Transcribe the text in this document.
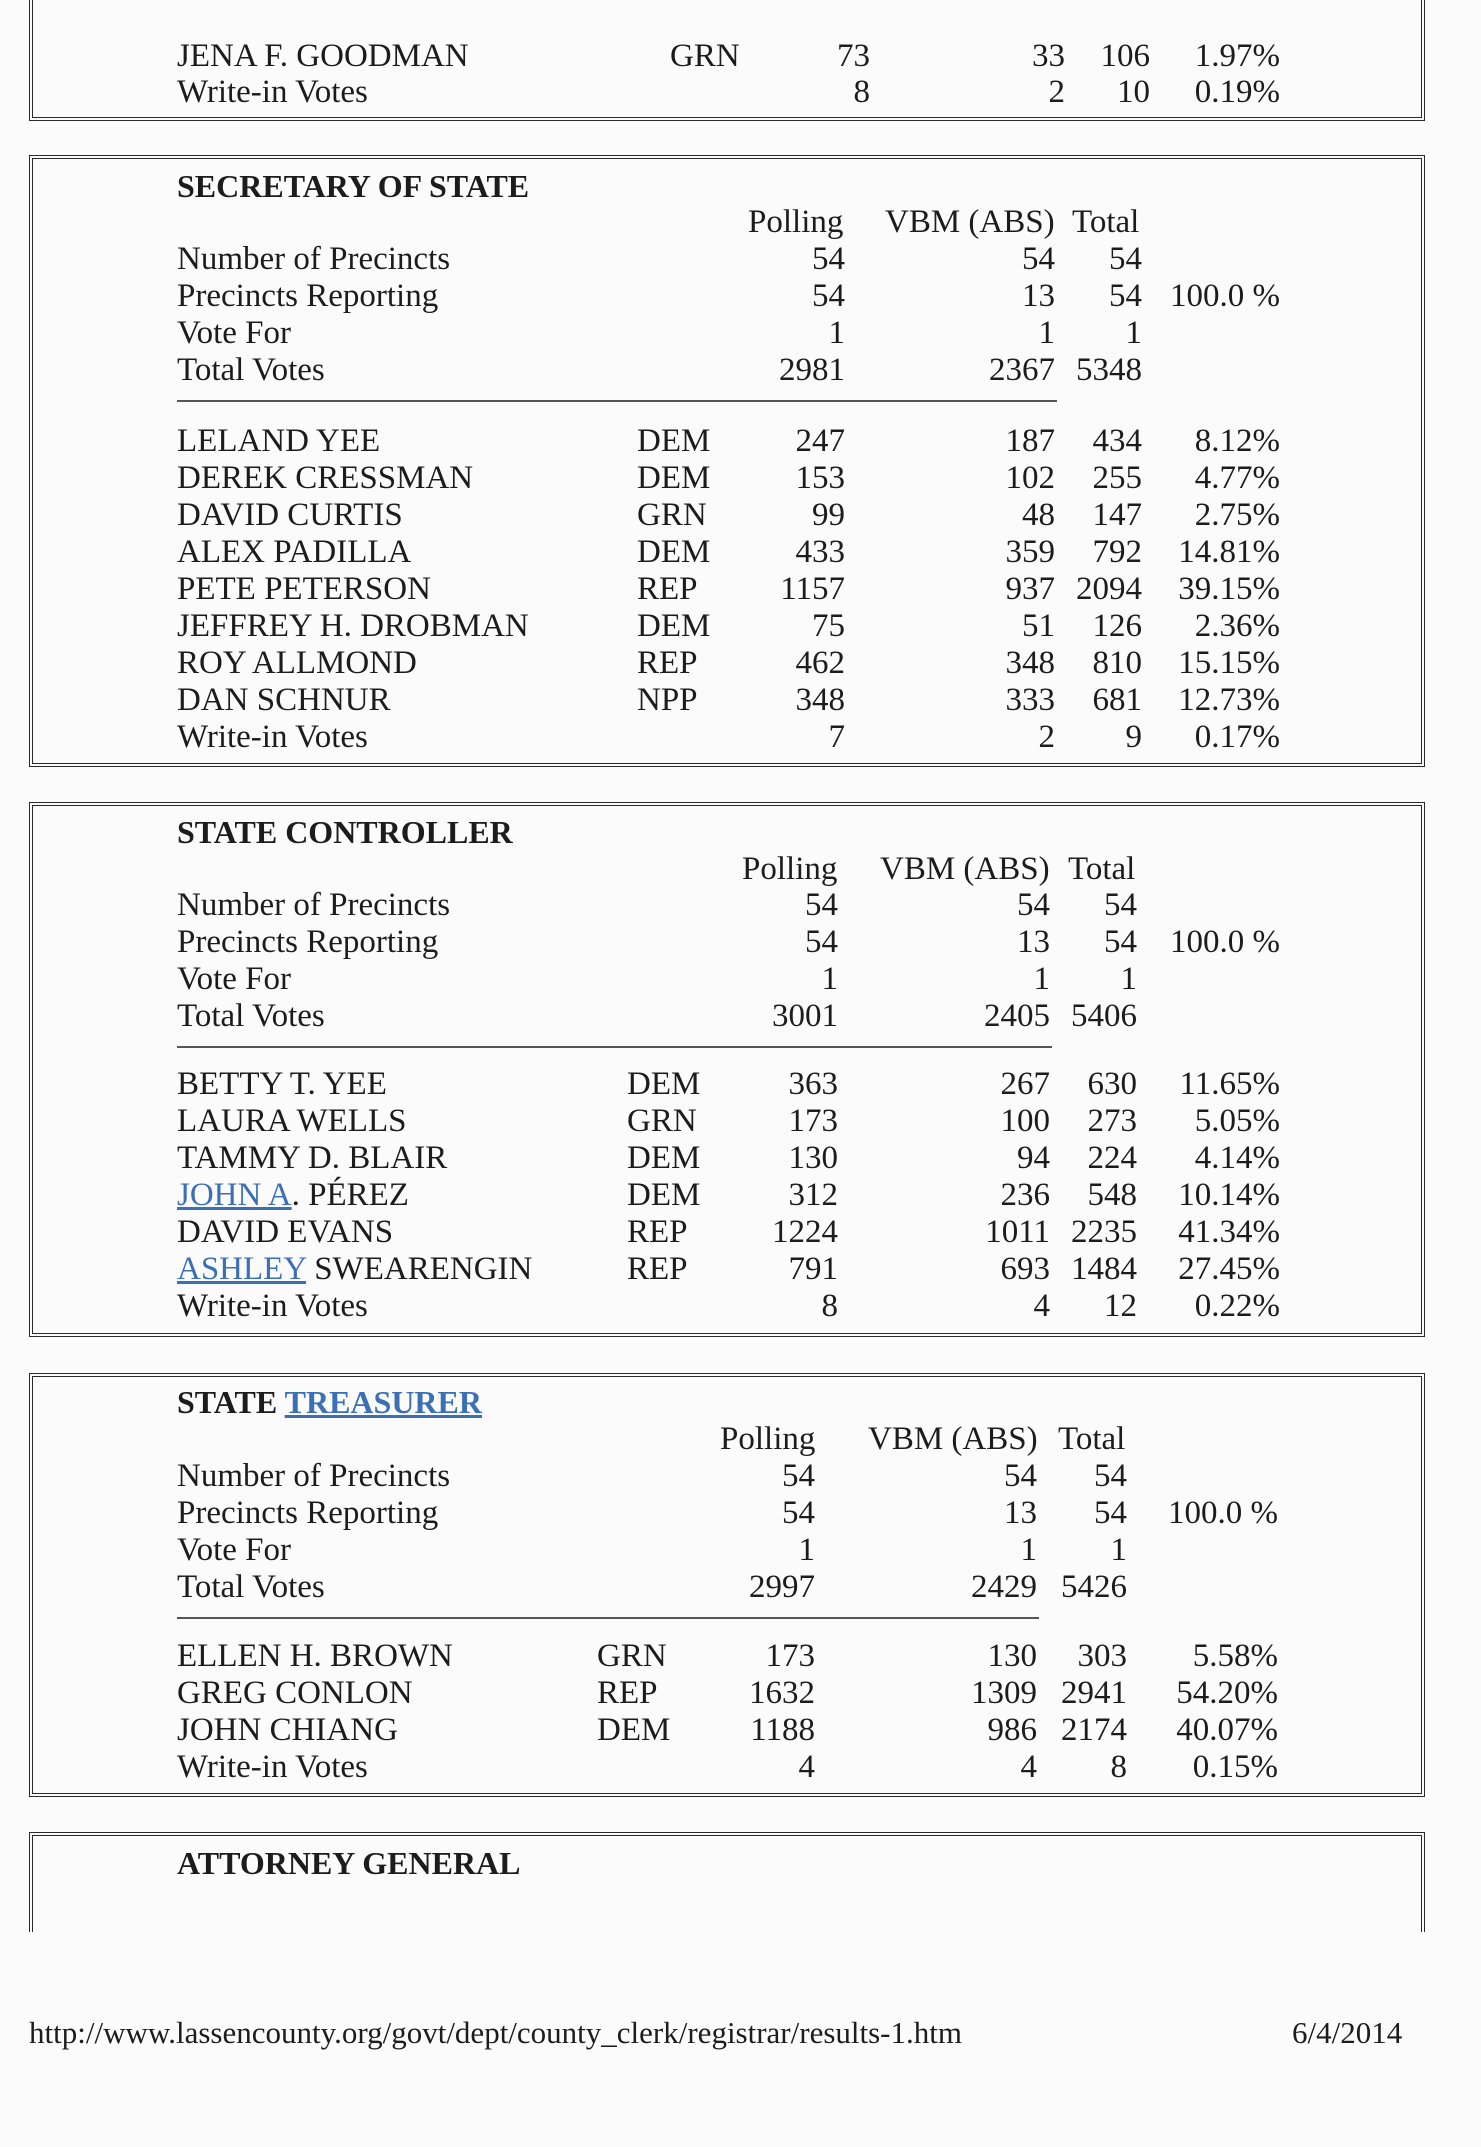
JENA F. GOODMAN	GRN	73	33	106	1.97%
Write-in Votes	8	2	10	0.19%
SECRETARY OF STATE
Polling VBM (ABS) Total
Number of Precincts	54	54	54
Precincts Reporting	54	13	54 100.0 %
Vote For	1	1	1
Total Votes	2981	2367 5348
LELAND YEE	DEM	247	187	434	8.12%
DEREK CRESSMAN	DEM	153	102	255	4.77%
DAVID CURTIS	GRN	99	48	147	2.75%
ALEX PADILLA	DEM	433	359	792	14.81%
PETE PETERSON	REP	1157	937 2094	39.15%
JEFFREY H. DROBMAN	DEM	75	51	126	2.36%
ROY ALLMOND	REP	462	348	810	15.15%
DAN SCHNUR	NPP	348	333	681	12.73%
Write-in Votes	7	2	9	0.17%
STATE CONTROLLER
Polling VBM (ABS) Total
Number of Precincts	54	54	54
Precincts Reporting	54	13	54	100.0 %
Vote For	1	1	1
Total Votes	3001	2405 5406
BETTY T. YEE	DEM	363	267	630	11.65%
LAURA WELLS	GRN	173	100	273	5.05%
TAMMY D. BLAIR	DEM	130	94	224	4.14%
JOHN A. PÉREZ	DEM	312	236	548	10.14%
DAVID EVANS	REP	1224	1011 2235	41.34%
ASHLEY SWEARENGIN	REP	791	693 1484	27.45%
Write-in Votes	8	4	12	0.22%
STATE TREASURER
Polling VBM (ABS) Total
Number of Precincts	54	54	54
Precincts Reporting	54	13	54	100.0 %
Vote For	1	1	1
Total Votes	2997	2429 5426
ELLEN H. BROWN	GRN	173	130	303	5.58%
GREG CONLON	REP	1632	1309 2941	54.20%
JOHN CHIANG	DEM	1188	986 2174	40.07%
Write-in Votes	4	4	8	0.15%
ATTORNEY GENERAL
http://www.lassencounty.org/govt/dept/county_clerk/registrar/results-1.htm	6/4/2014
